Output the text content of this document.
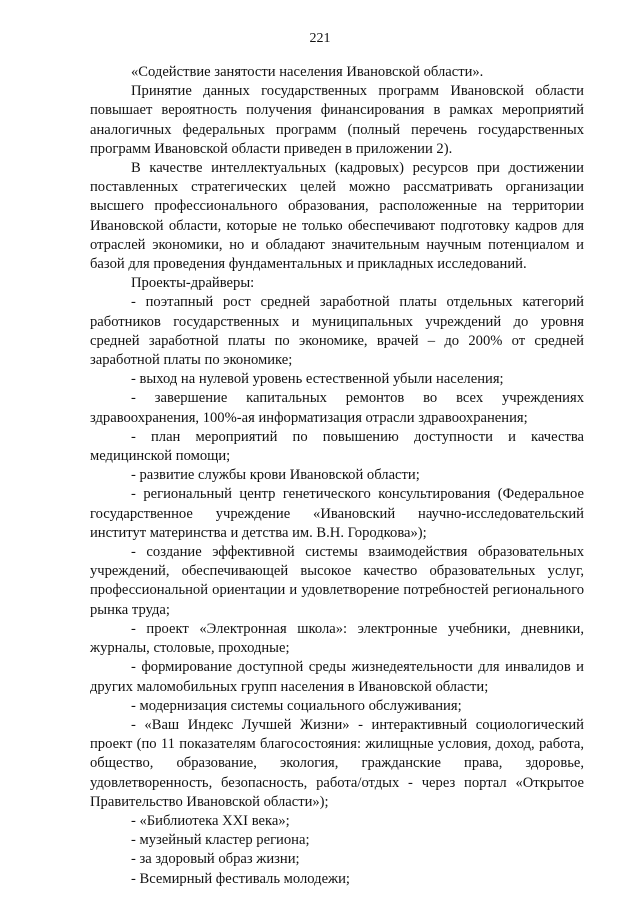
221

«Содействие занятости населения Ивановской области».

Принятие данных государственных программ Ивановской области повышает вероятность получения финансирования в рамках мероприятий аналогичных федеральных программ (полный перечень государственных программ Ивановской области приведен в приложении 2).

В качестве интеллектуальных (кадровых) ресурсов при достижении поставленных стратегических целей можно рассматривать организации высшего профессионального образования, расположенные на территории Ивановской области, которые не только обеспечивают подготовку кадров для отраслей экономики, но и обладают значительным научным потенциалом и базой для проведения фундаментальных и прикладных исследований.

Проекты-драйверы:

- поэтапный рост средней заработной платы отдельных категорий работников государственных и муниципальных учреждений до уровня средней заработной платы по экономике, врачей – до 200% от средней заработной платы по экономике;

- выход на нулевой уровень естественной убыли населения;

- завершение капитальных ремонтов во всех учреждениях здравоохранения, 100%-ая информатизация отрасли здравоохранения;

- план мероприятий по повышению доступности и качества медицинской помощи;

- развитие службы крови Ивановской области;

- региональный центр генетического консультирования (Федеральное государственное учреждение «Ивановский научно-исследовательский институт материнства и детства им. В.Н. Городкова»);

- создание эффективной системы взаимодействия образовательных учреждений, обеспечивающей высокое качество образовательных услуг, профессиональной ориентации и удовлетворение потребностей регионального рынка труда;

- проект «Электронная школа»: электронные учебники, дневники, журналы, столовые, проходные;

- формирование доступной среды жизнедеятельности для инвалидов и других маломобильных групп населения в Ивановской области;

- модернизация системы социального обслуживания;

- «Ваш Индекс Лучшей Жизни» - интерактивный социологический проект (по 11 показателям благосостояния: жилищные условия, доход, работа, общество, образование, экология, гражданские права, здоровье, удовлетворенность, безопасность, работа/отдых - через портал «Открытое Правительство Ивановской области»);

- «Библиотека XXI века»;

- музейный кластер региона;

- за здоровый образ жизни;

- Всемирный фестиваль молодежи;
